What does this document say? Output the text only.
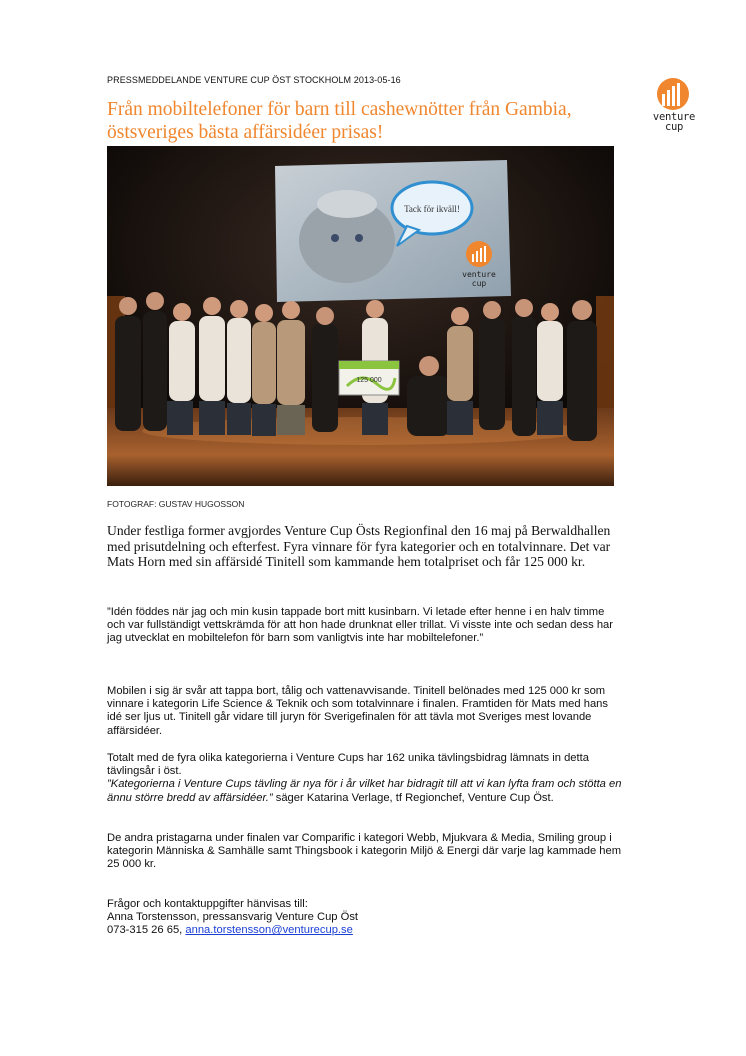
PRESSMEDDELANDE VENTURE CUP ÖST STOCKHOLM 2013-05-16
venture
cup
Från mobiltelefoner för barn till cashewnötter från Gambia, östsveriges bästa affärsidéer prisas!
Tack för ikväll!
venture
cup
125 000
FOTOGRAF: GUSTAV HUGOSSON

Under festliga former avgjordes Venture Cup Östs Regionfinal den 16 maj på Berwaldhallen med prisutdelning och efterfest. Fyra vinnare för fyra kategorier och en totalvinnare. Det var Mats Horn med sin affärsidé Tinitell som kammande hem totalpriset och får 125 000 kr.

”Idén föddes när jag och min kusin tappade bort mitt kusinbarn. Vi letade efter henne i en halv timme och var fullständigt vettskrämda för att hon hade drunknat eller trillat. Vi visste inte och sedan dess har jag utvecklat en mobiltelefon för barn som vanligtvis inte har mobiltelefoner.”

Mobilen i sig är svår att tappa bort, tålig och vattenavvisande. Tinitell belönades med 125 000 kr som vinnare i kategorin Life Science & Teknik och som totalvinnare i finalen. Framtiden för Mats med hans idé ser ljus ut. Tinitell går vidare till juryn för Sverigefinalen för att tävla mot Sveriges mest lovande affärsidéer.

Totalt med de fyra olika kategorierna i Venture Cups har 162 unika tävlingsbidrag lämnats in detta tävlingsår i öst.
”Kategorierna i Venture Cups tävling är nya för i år vilket har bidragit till att vi kan lyfta fram och stötta en ännu större bredd av affärsidéer.” säger Katarina Verlage, tf Regionchef, Venture Cup Öst.

De andra pristagarna under finalen var Comparific i kategori Webb, Mjukvara & Media, Smiling group i kategorin Människa & Samhälle samt Thingsbook i kategorin Miljö & Energi där varje lag kammade hem 25 000 kr.

Frågor och kontaktuppgifter hänvisas till:
Anna Torstensson, pressansvarig Venture Cup Öst
073-315 26 65, anna.torstensson@venturecup.se
